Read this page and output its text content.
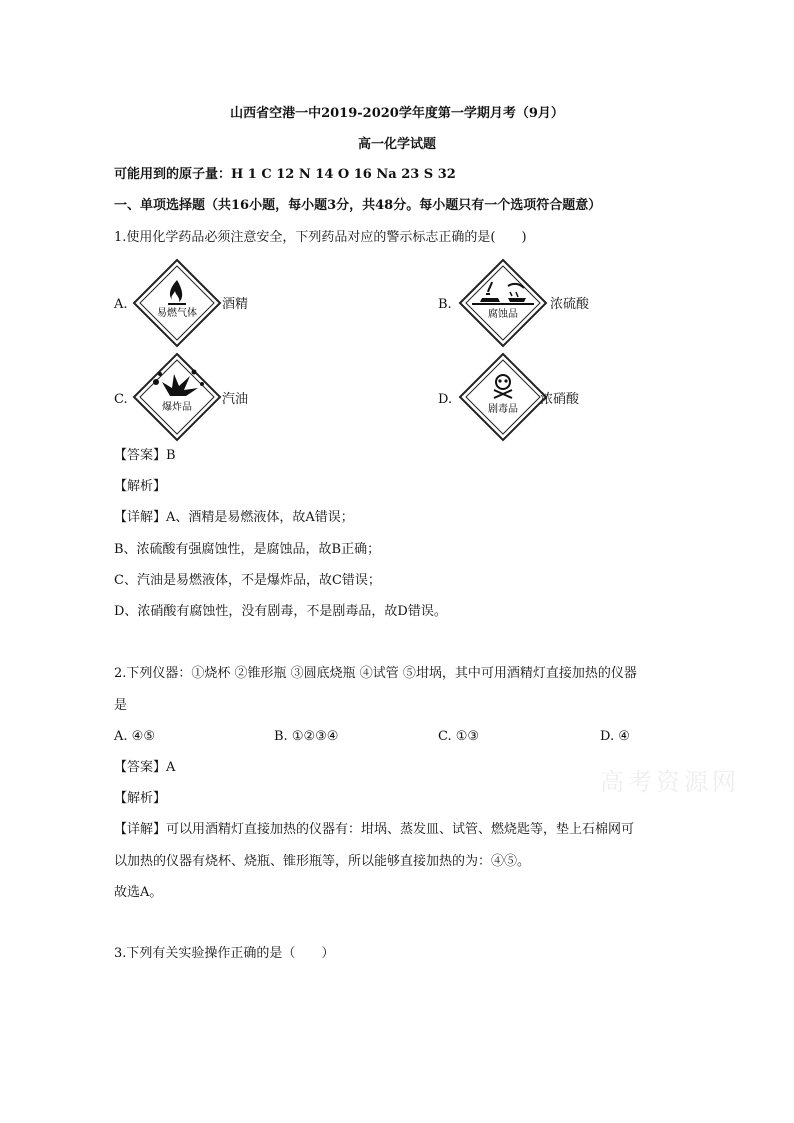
山西省空港一中2019-2020学年度第一学期月考（9月）
高一化学试题
可能用到的原子量：H 1 C 12 N 14 O 16 Na 23 S 32
一、单项选择题（共16小题，每小题3分，共48分。每小题只有一个选项符合题意）
1.使用化学药品必须注意安全，下列药品对应的警示标志正确的是(　　)
A.
易燃气体
酒精	B.
腐蚀品
浓硫酸
C.
爆炸品
汽油	D.
剧毒品
浓硝酸
【答案】B
【解析】
【详解】A、酒精是易燃液体，故A错误；
B、浓硫酸有强腐蚀性，是腐蚀品，故B正确；
C、汽油是易燃液体，不是爆炸品，故C错误；
D、浓硝酸有腐蚀性，没有剧毒，不是剧毒品，故D错误。
2.下列仪器：①烧杯 ②锥形瓶 ③圆底烧瓶 ④试管 ⑤坩埚，其中可用酒精灯直接加热的仪器
是
A. ④⑤	B. ①②③④	C. ①③	D. ④
【答案】A
【解析】
【详解】可以用酒精灯直接加热的仪器有：坩埚、蒸发皿、试管、燃烧匙等，垫上石棉网可
以加热的仪器有烧杯、烧瓶、锥形瓶等，所以能够直接加热的为：④⑤。
故选A。
3.下列有关实验操作正确的是（　　）
高考资源网
